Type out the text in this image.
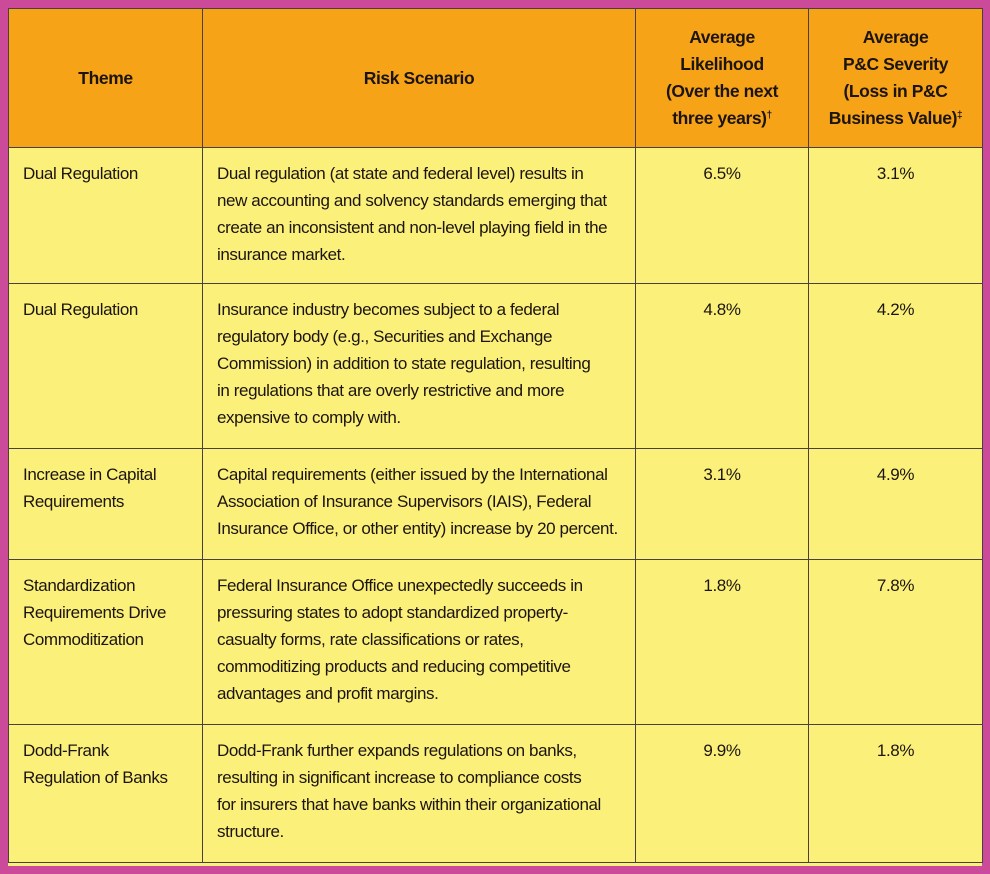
Theme	Risk Scenario	Average
Likelihood
(Over the next
three years)†	Average
P&C Severity
(Loss in P&C
Business Value)‡

Dual Regulation	Dual regulation (at state and federal level) results in
new accounting and solvency standards emerging that
create an inconsistent and non-level playing field in the
insurance market.	6.5%	3.1%
Dual Regulation	Insurance industry becomes subject to a federal
regulatory body (e.g., Securities and Exchange
Commission) in addition to state regulation, resulting
in regulations that are overly restrictive and more
expensive to comply with.	4.8%	4.2%
Increase in Capital Requirements	Capital requirements (either issued by the International
Association of Insurance Supervisors (IAIS), Federal
Insurance Office, or other entity) increase by 20 percent.	3.1%	4.9%
Standardization Requirements Drive Commoditization	Federal Insurance Office unexpectedly succeeds in
pressuring states to adopt standardized property-
casualty forms, rate classifications or rates,
commoditizing products and reducing competitive
advantages and profit margins.	1.8%	7.8%
Dodd-Frank Regulation of Banks	Dodd-Frank further expands regulations on banks,
resulting in significant increase to compliance costs
for insurers that have banks within their organizational
structure.	9.9%	1.8%
